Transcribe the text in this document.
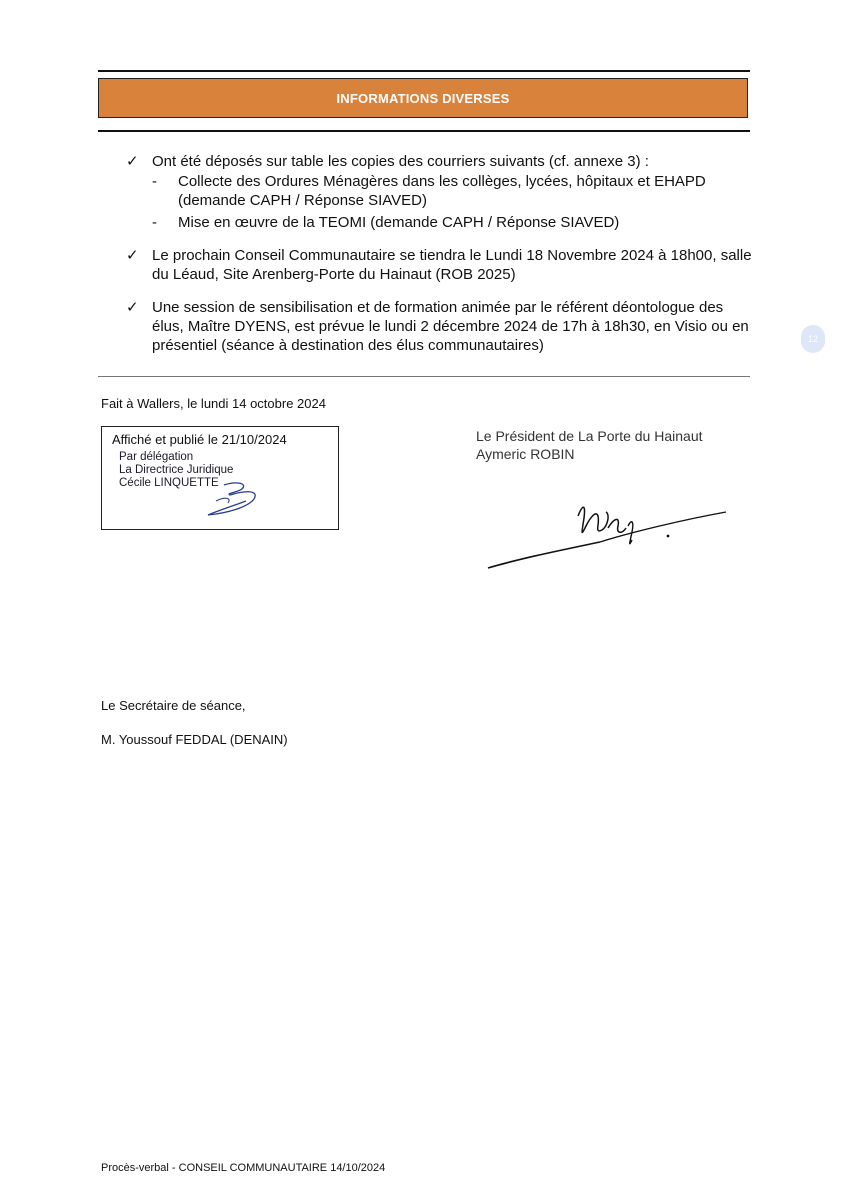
INFORMATIONS DIVERSES
✓ Ont été déposés sur table les copies des courriers suivants (cf. annexe 3) :
- Collecte des Ordures Ménagères dans les collèges, lycées, hôpitaux et EHAPD (demande CAPH / Réponse SIAVED)
- Mise en œuvre de la TEOMI (demande CAPH / Réponse SIAVED)
✓ Le prochain Conseil Communautaire se tiendra le Lundi 18 Novembre 2024 à 18h00, salle du Léaud, Site Arenberg-Porte du Hainaut (ROB 2025)
✓ Une session de sensibilisation et de formation animée par le référent déontologue des élus, Maître DYENS, est prévue le lundi 2 décembre 2024 de 17h à 18h30, en Visio ou en présentiel (séance à destination des élus communautaires)	12
Fait à Wallers, le lundi 14 octobre 2024
Affiché et publié le 21/10/2024
Par délégation
La Directrice Juridique
Cécile LINQUETTE
Le Président de La Porte du Hainaut
Aymeric ROBIN
Le Secrétaire de séance,
M. Youssouf FEDDAL (DENAIN)
Procès-verbal - CONSEIL COMMUNAUTAIRE 14/10/2024
